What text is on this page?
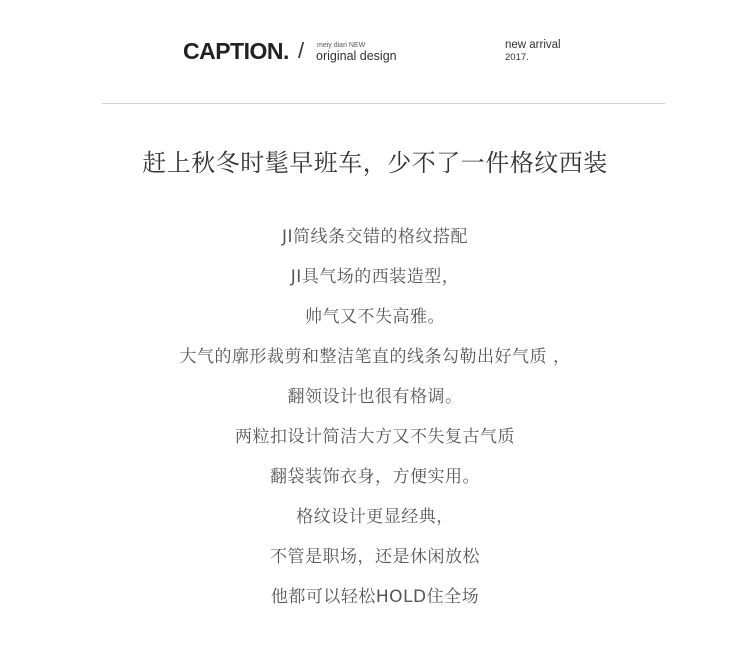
CAPTION. / meiy diari NEW
original design
new arrival
2017.
赶上秋冬时髦早班车，少不了一件格纹西装
JI简线条交错的格纹搭配
JI具气场的西装造型，
帅气又不失高雅。
大气的廓形裁剪和整洁笔直的线条勾勒出好气质 ，
翻领设计也很有格调。
两粒扣设计简洁大方又不失复古气质
翻袋装饰衣身，方便实用。
格纹设计更显经典，
不管是职场，还是休闲放松
他都可以轻松HOLD住全场
